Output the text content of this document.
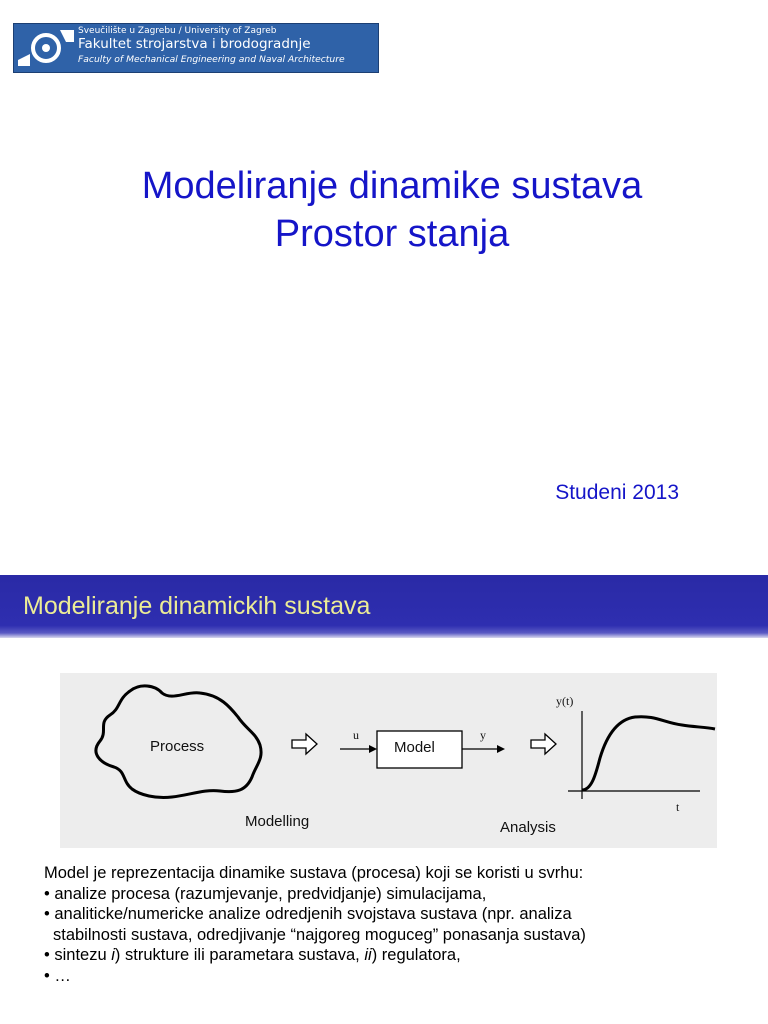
Sveučilište u Zagrebu / University of Zagreb
Fakultet strojarstva i brodogradnje
Faculty of Mechanical Engineering and Naval Architecture
Modeliranje dinamike sustava
Prostor stanja
Studeni 2013
Modeliranje dinamickih sustava
Process	Model
u	y
y(t)
t
Modelling	Analysis
Model je reprezentacija dinamike sustava (procesa) koji se koristi u svrhu:
• analize procesa (razumjevanje, predvidjanje) simulacijama,
• analiticke/numericke analize odredjenih svojstava sustava (npr. analiza
stabilnosti sustava, odredjivanje “najgoreg moguceg” ponasanja sustava)
• sintezu i) strukture ili parametara sustava, ii) regulatora,
• …
